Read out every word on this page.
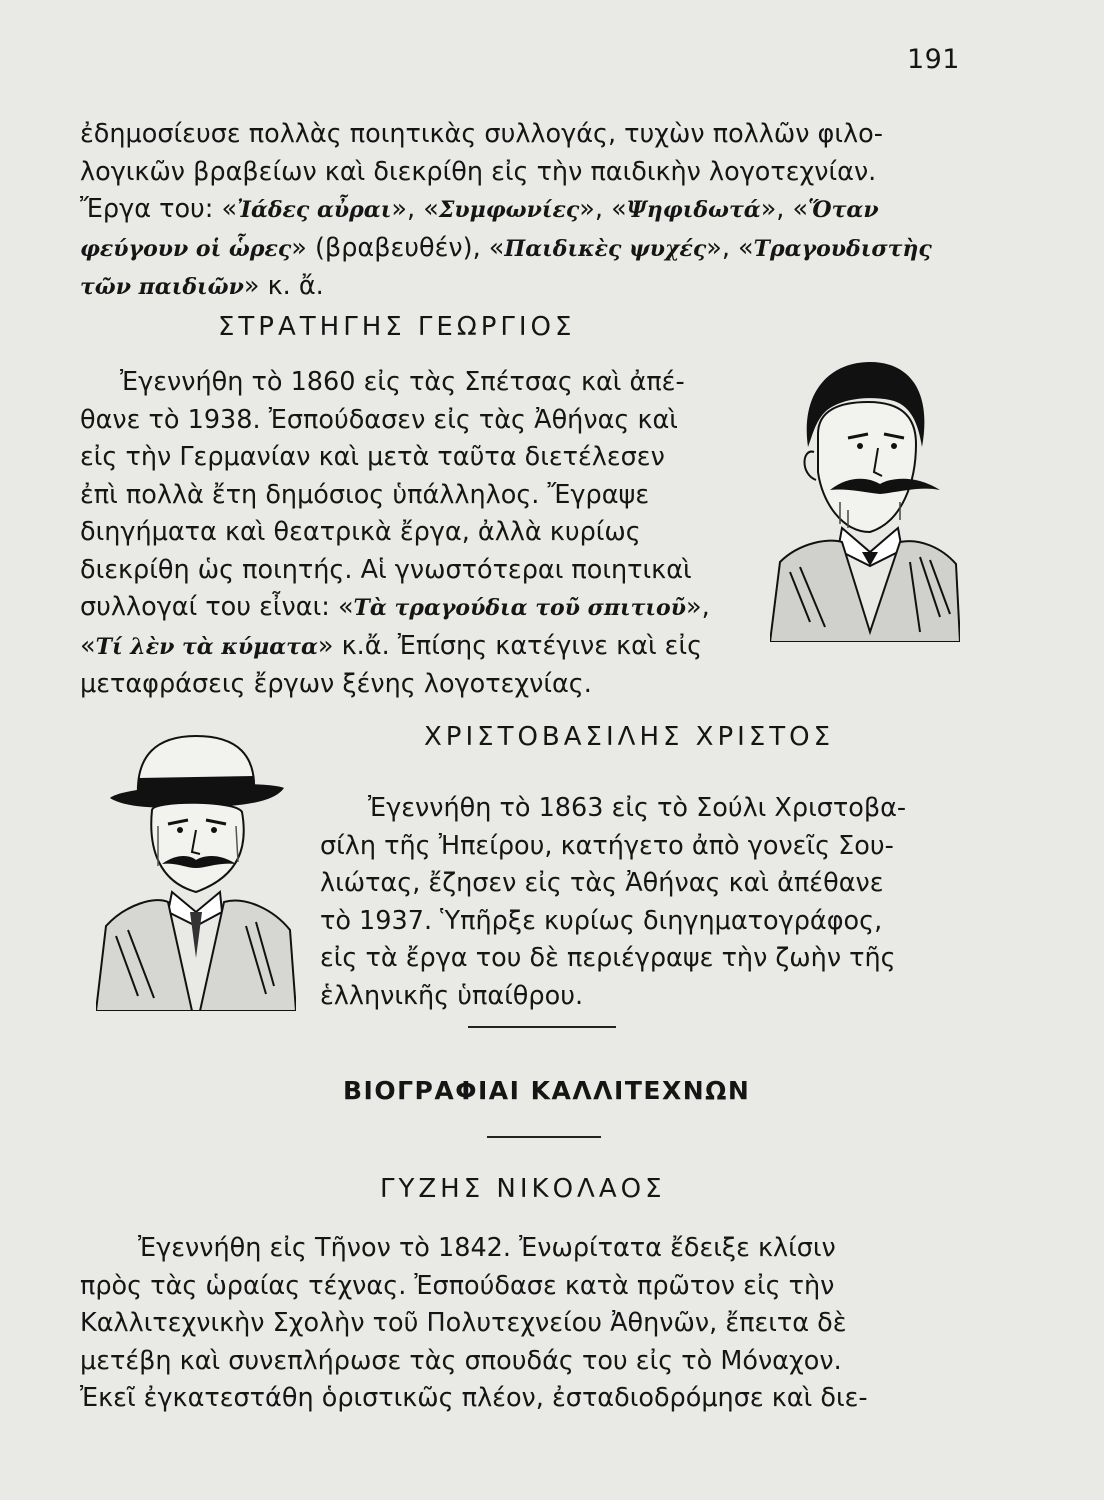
191
ἐδημοσίευσε πολλὰς ποιητικὰς συλλογάς, τυχὼν πολλῶν φιλο-
λογικῶν βραβείων καὶ διεκρίθη εἰς τὴν παιδικὴν λογοτεχνίαν.
Ἔργα του: «Ἰάδες αὖραι», «Συμφωνίες», «Ψηφιδωτά», «Ὅταν
φεύγουν οἱ ὧρες» (βραβευθέν), «Παιδικὲς ψυχές», «Τραγουδιστὴς
τῶν παιδιῶν» κ. ἄ.
ΣΤΡΑΤΗΓΗΣ ΓΕΩΡΓΙΟΣ
Ἐγεννήθη τὸ 1860 εἰς τὰς Σπέτσας καὶ ἀπέ-
θανε τὸ 1938. Ἐσπούδασεν εἰς τὰς Ἀθήνας καὶ
εἰς τὴν Γερμανίαν καὶ μετὰ ταῦτα διετέλεσεν
ἐπὶ πολλὰ ἔτη δημόσιος ὑπάλληλος. Ἔγραψε
διηγήματα καὶ θεατρικὰ ἔργα, ἀλλὰ κυρίως
διεκρίθη ὡς ποιητής. Αἱ γνωστότεραι ποιητικαὶ
συλλογαί του εἶναι: «Τὰ τραγούδια τοῦ σπιτιοῦ»,
«Τί λὲν τὰ κύματα» κ.ἄ. Ἐπίσης κατέγινε καὶ εἰς
μεταφράσεις ἔργων ξένης λογοτεχνίας.
ΧΡΙΣΤΟΒΑΣΙΛΗΣ ΧΡΙΣΤΟΣ
Ἐγεννήθη τὸ 1863 εἰς τὸ Σούλι Χριστοβα-
σίλη τῆς Ἠπείρου, κατήγετο ἀπὸ γονεῖς Σου-
λιώτας, ἔζησεν εἰς τὰς Ἀθήνας καὶ ἀπέθανε
τὸ 1937. Ὑπῆρξε κυρίως διηγηματογράφος,
εἰς τὰ ἔργα του δὲ περιέγραψε τὴν ζωὴν τῆς
ἑλληνικῆς ὑπαίθρου.
ΒΙΟΓΡΑΦΙΑΙ ΚΑΛΛΙΤΕΧΝΩΝ
ΓΥΖΗΣ ΝΙΚΟΛΑΟΣ
Ἐγεννήθη εἰς Τῆνον τὸ 1842. Ἐνωρίτατα ἔδειξε κλίσιν
πρὸς τὰς ὡραίας τέχνας. Ἐσπούδασε κατὰ πρῶτον εἰς τὴν
Καλλιτεχνικὴν Σχολὴν τοῦ Πολυτεχνείου Ἀθηνῶν, ἔπειτα δὲ
μετέβη καὶ συνεπλήρωσε τὰς σπουδάς του εἰς τὸ Μόναχον.
Ἐκεῖ ἐγκατεστάθη ὁριστικῶς πλέον, ἐσταδιοδρόμησε καὶ διε-
